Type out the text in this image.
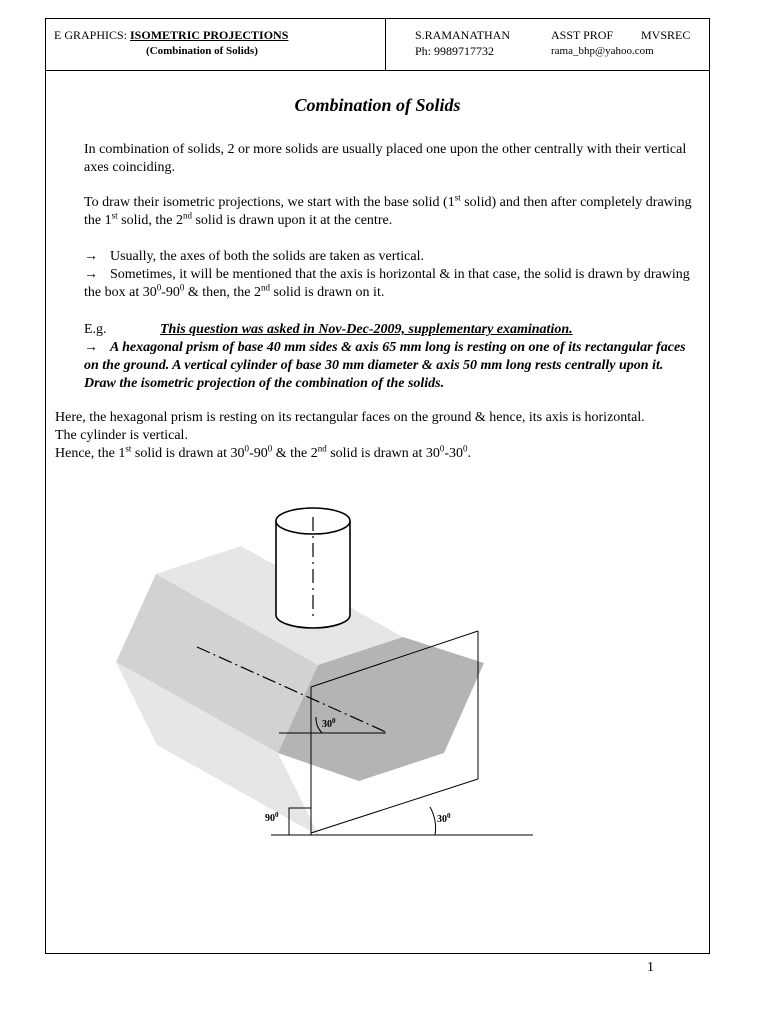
E GRAPHICS: ISOMETRIC PROJECTIONS
(Combination of Solids)
S.RAMANATHAN	ASST PROF	MVSREC
Ph: 9989717732	rama_bhp@yahoo.com
Combination of Solids
In combination of solids, 2 or more solids are usually placed one upon the other centrally with their vertical axes coinciding.
To draw their isometric projections, we start with the base solid (1st solid) and then after completely drawing the 1st solid, the 2nd solid is drawn upon it at the centre.
→ Usually, the axes of both the solids are taken as vertical.
→ Sometimes, it will be mentioned that the axis is horizontal & in that case, the solid is drawn by drawing the box at $30^0-90^0$ & then, the 2nd solid is drawn on it.
E.g.	This question was asked in Nov-Dec-2009, supplementary examination.
→ A hexagonal prism of base 40 mm sides & axis 65 mm long is resting on one of its rectangular faces on the ground. A vertical cylinder of base 30 mm diameter & axis 50 mm long rests centrally upon it. Draw the isometric projection of the combination of the solids.
Here, the hexagonal prism is resting on its rectangular faces on the ground & hence, its axis is horizontal.
The cylinder is vertical.
Hence, the 1st solid is drawn at $30^0-90^0$ & the 2nd solid is drawn at $30^0-30^0$.
$30^0$
$90^0$	$30^0$
1
